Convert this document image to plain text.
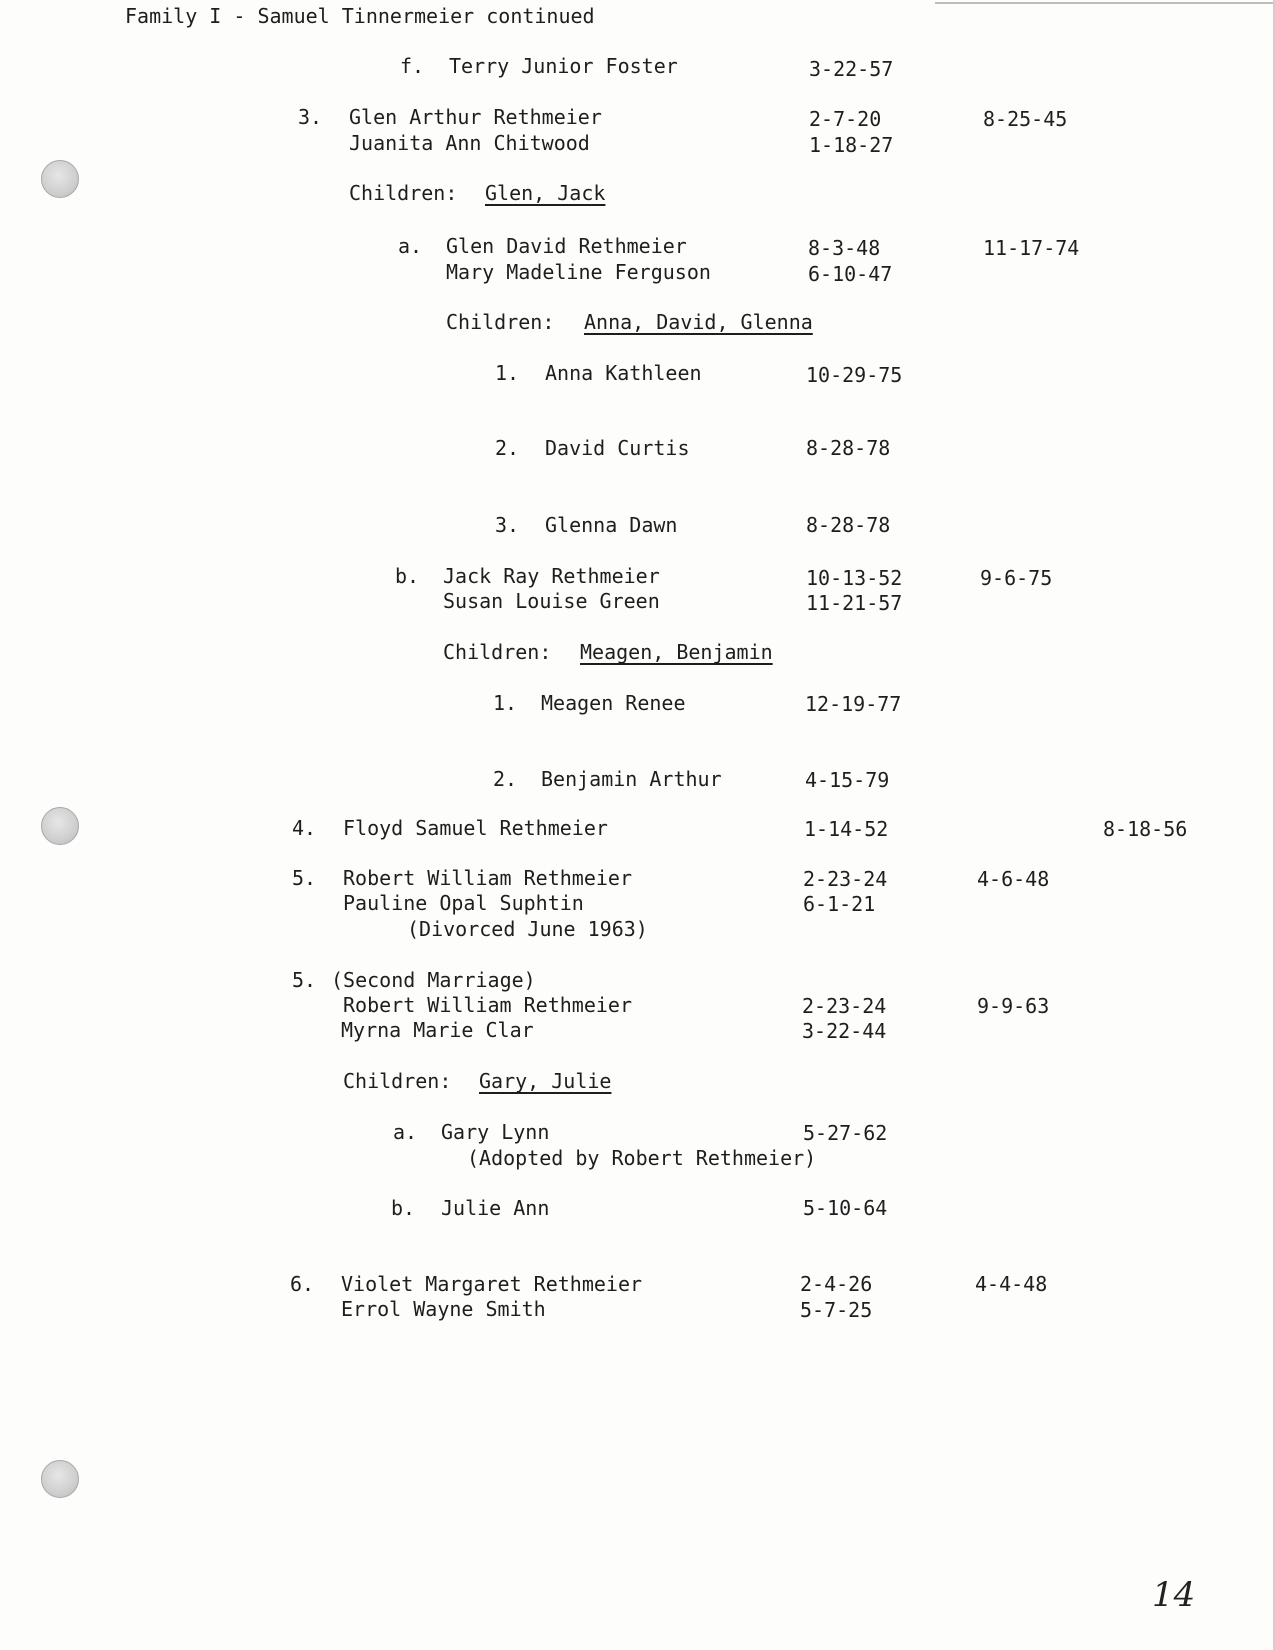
Family I - Samuel Tinnermeier continued
f. Terry Junior Foster	3-22-57
3. Glen Arthur Rethmeier	2-7-20	8-25-45
Juanita Ann Chitwood	1-18-27
Children: Glen, Jack
a. Glen David Rethmeier	8-3-48	11-17-74
Mary Madeline Ferguson	6-10-47
Children: Anna, David, Glenna
1. Anna Kathleen	10-29-75
2. David Curtis	8-28-78
3. Glenna Dawn	8-28-78
b. Jack Ray Rethmeier	10-13-52	9-6-75
Susan Louise Green	11-21-57
Children: Meagen, Benjamin
1. Meagen Renee	12-19-77
2. Benjamin Arthur	4-15-79
4. Floyd Samuel Rethmeier	1-14-52	8-18-56
5. Robert William Rethmeier	2-23-24	4-6-48
Pauline Opal Suphtin	6-1-21
(Divorced June 1963)
5. (Second Marriage)
Robert William Rethmeier	2-23-24	9-9-63
Myrna Marie Clar	3-22-44
Children: Gary, Julie
a. Gary Lynn	5-27-62
(Adopted by Robert Rethmeier)
b. Julie Ann	5-10-64
6. Violet Margaret Rethmeier	2-4-26	4-4-48
Errol Wayne Smith	5-7-25
14
